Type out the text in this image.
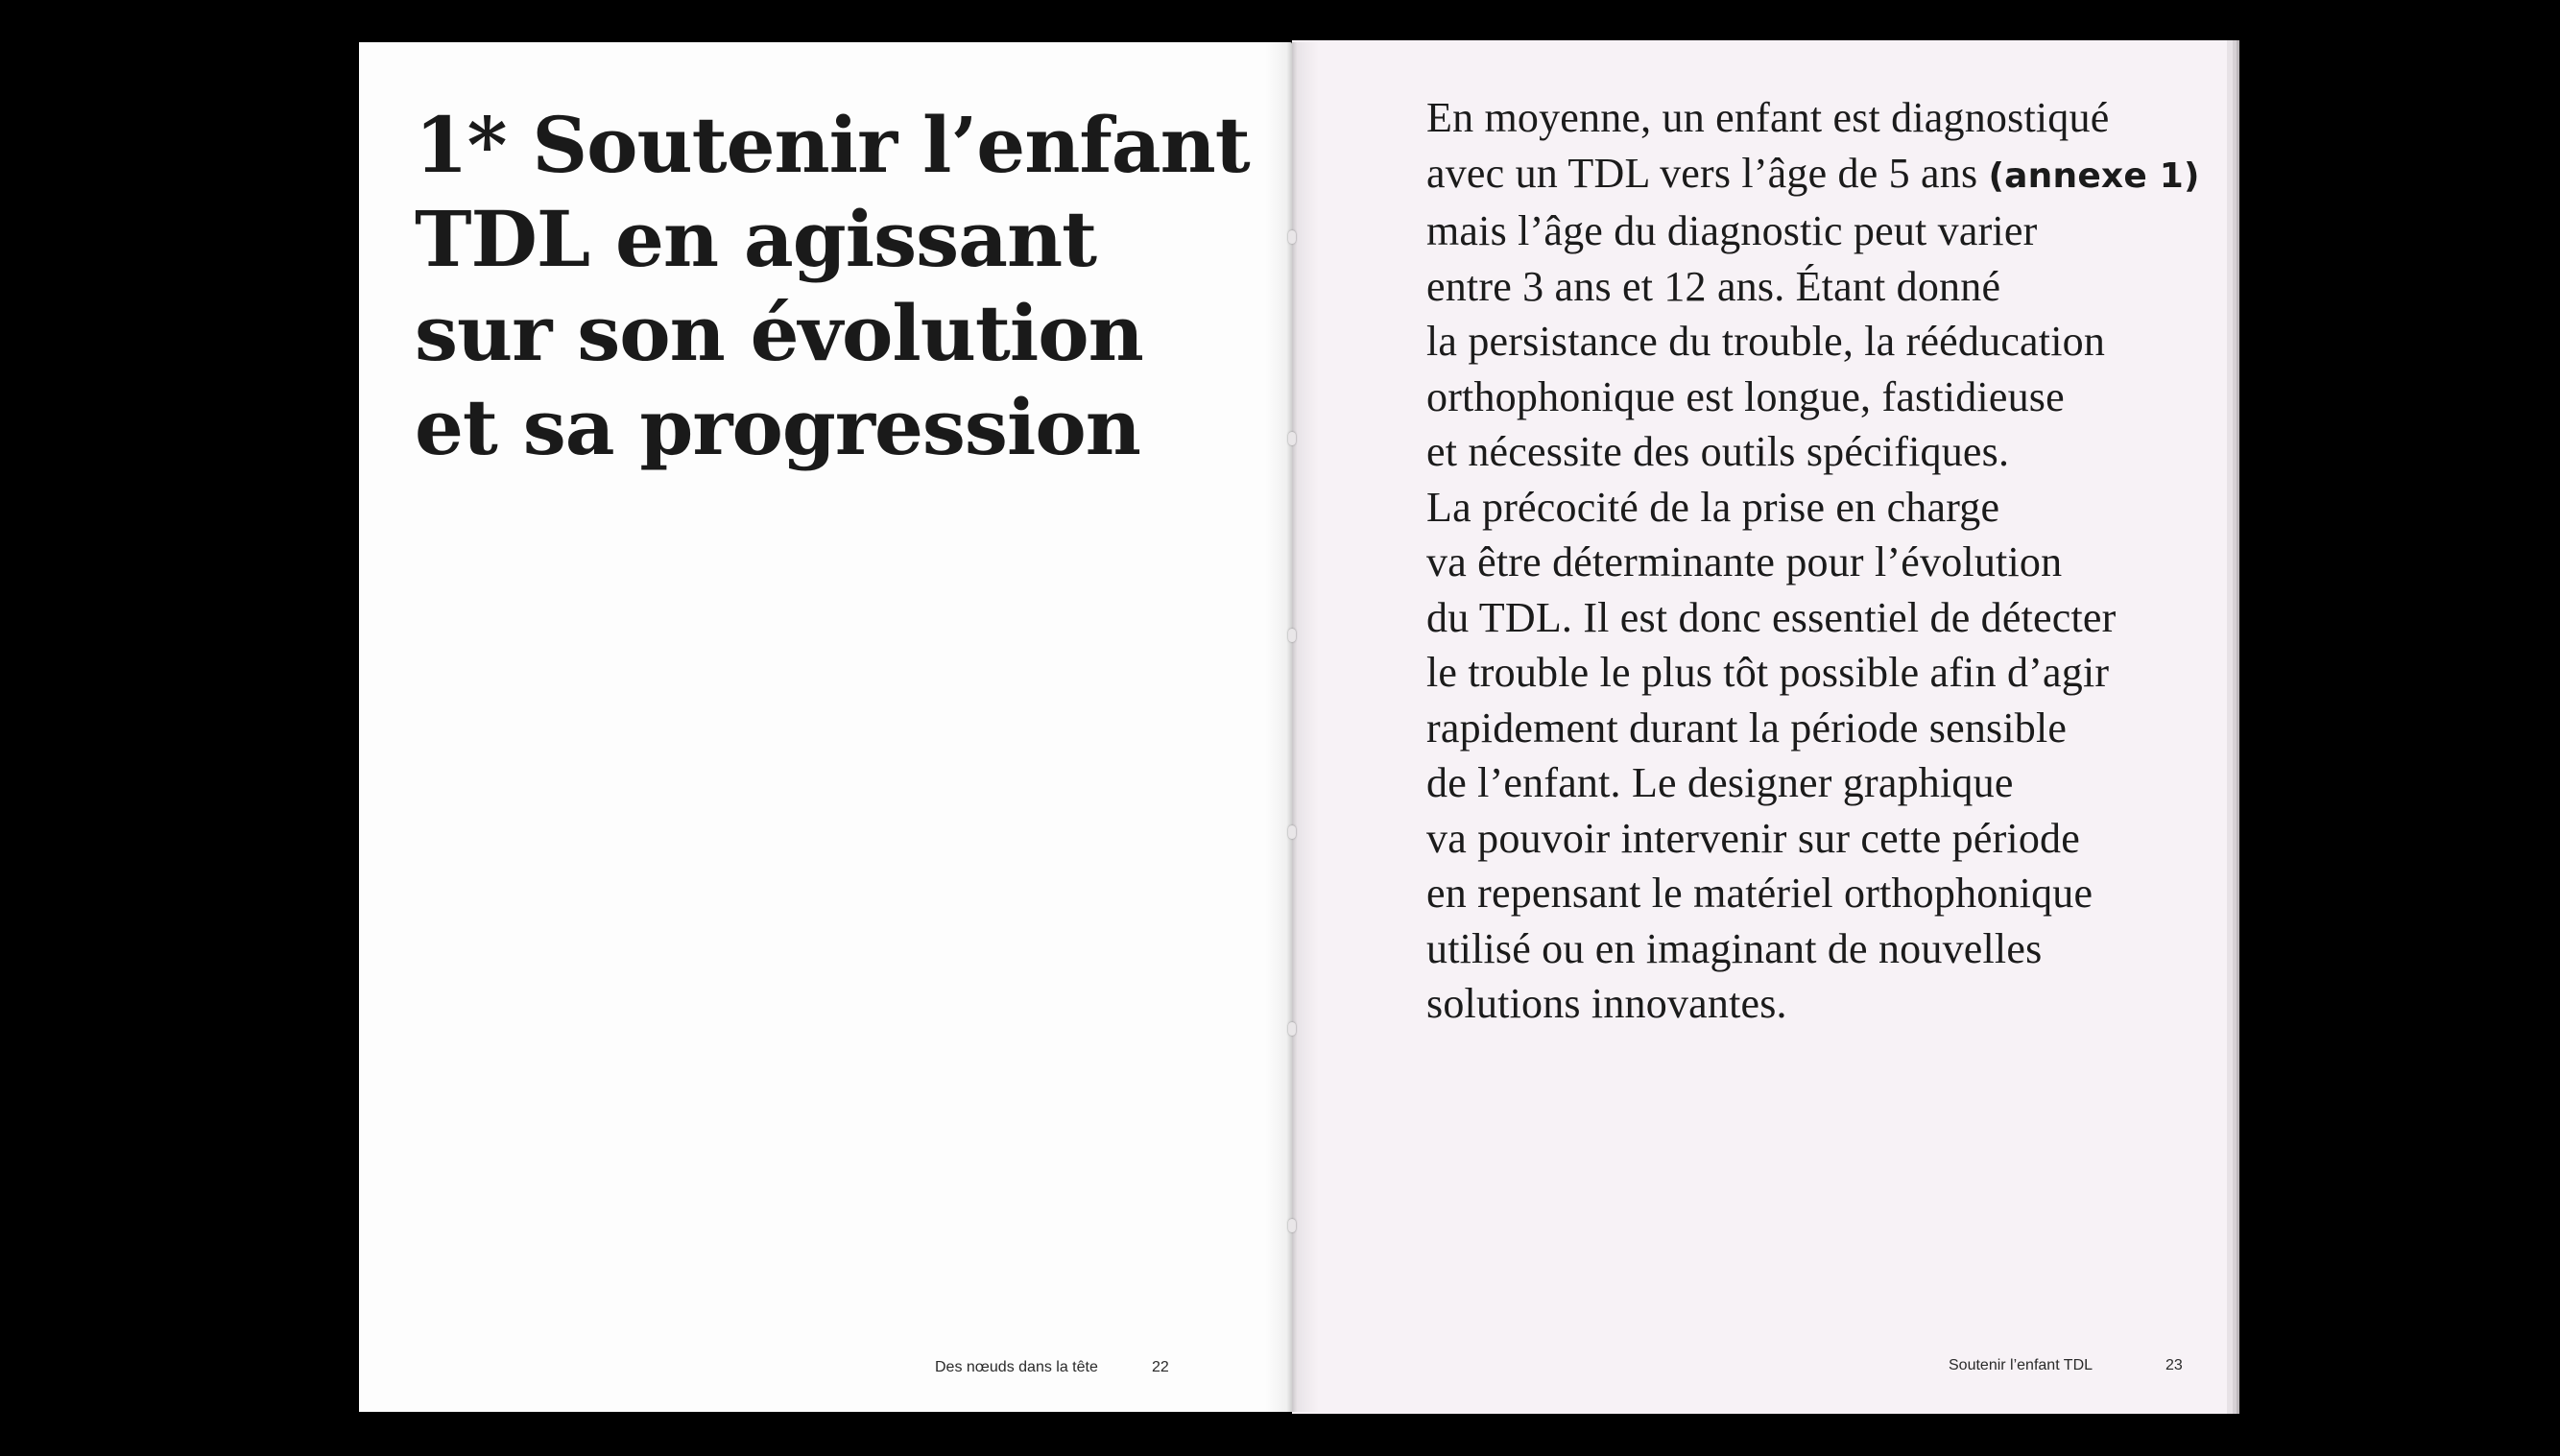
1* Soutenir l’enfant
TDL en agissant
sur son évolution
et sa progression
Des nœuds dans la tête	22

En moyenne, un enfant est diagnostiqué
avec un TDL vers l’âge de 5 ans (annexe 1)
mais l’âge du diagnostic peut varier
entre 3 ans et 12 ans. Étant donné
la persistance du trouble, la rééducation
orthophonique est longue, fastidieuse
et nécessite des outils spécifiques.
La précocité de la prise en charge
va être déterminante pour l’évolution
du TDL. Il est donc essentiel de détecter
le trouble le plus tôt possible afin d’agir
rapidement durant la période sensible
de l’enfant. Le designer graphique
va pouvoir intervenir sur cette période
en repensant le matériel orthophonique
utilisé ou en imaginant de nouvelles
solutions innovantes.

Soutenir l’enfant TDL	23
